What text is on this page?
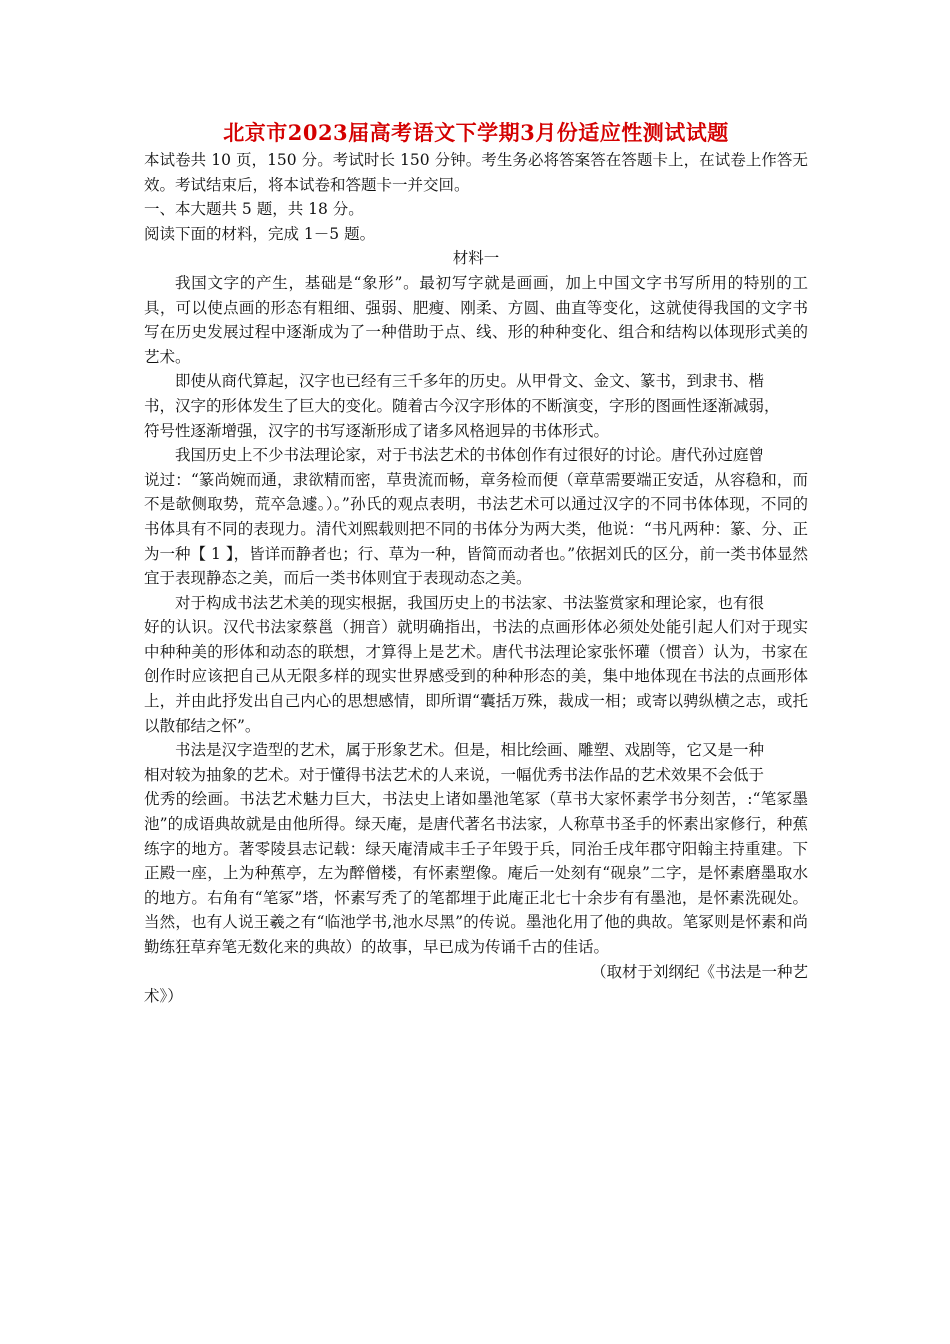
北京市2023届高考语文下学期3月份适应性测试试题

本试卷共 10 页，150 分。考试时长 150 分钟。考生务必将答案答在答题卡上，在试卷上作答无效。考试结束后，将本试卷和答题卡一并交回。

一、本大题共 5 题，共 18 分。

阅读下面的材料，完成 1－5 题。

材料一

我国文字的产生，基础是“象形”。最初写字就是画画，加上中国文字书写所用的特别的工具，可以使点画的形态有粗细、强弱、肥瘦、刚柔、方圆、曲直等变化，这就使得我国的文字书写在历史发展过程中逐渐成为了一种借助于点、线、形的种种变化、组合和结构以体现形式美的艺术。

即使从商代算起，汉字也已经有三千多年的历史。从甲骨文、金文、篆书，到隶书、楷

书，汉字的形体发生了巨大的变化。随着古今汉字形体的不断演变，字形的图画性逐渐减弱，

符号性逐渐增强，汉字的书写逐渐形成了诸多风格迥异的书体形式。

我国历史上不少书法理论家，对于书法艺术的书体创作有过很好的讨论。唐代孙过庭曾

说过：“篆尚婉而通，隶欲精而密，草贵流而畅，章务检而便（章草需要端正安适，从容稳和，而不是欹侧取势，荒卒急遽。）。”孙氏的观点表明，书法艺术可以通过汉字的不同书体体现，不同的书体具有不同的表现力。清代刘熙载则把不同的书体分为两大类，他说：“书凡两种：篆、分、正为一种【 1 】，皆详而静者也；行、草为一种，皆简而动者也。”依据刘氏的区分，前一类书体显然宜于表现静态之美，而后一类书体则宜于表现动态之美。

对于构成书法艺术美的现实根据，我国历史上的书法家、书法鉴赏家和理论家，也有很

好的认识。汉代书法家蔡邕（拥音）就明确指出，书法的点画形体必须处处能引起人们对于现实中种种美的形体和动态的联想，才算得上是艺术。唐代书法理论家张怀瓘（惯音）认为，书家在创作时应该把自己从无限多样的现实世界感受到的种种形态的美，集中地体现在书法的点画形体上，并由此抒发出自己内心的思想感情，即所谓“囊括万殊，裁成一相；或寄以骋纵横之志，或托以散郁结之怀”。

书法是汉字造型的艺术，属于形象艺术。但是，相比绘画、雕塑、戏剧等，它又是一种

相对较为抽象的艺术。对于懂得书法艺术的人来说，一幅优秀书法作品的艺术效果不会低于

优秀的绘画。书法艺术魅力巨大，书法史上诸如墨池笔冢（草书大家怀素学书分刻苦，:“笔冢墨池”的成语典故就是由他所得。绿天庵，是唐代著名书法家，人称草书圣手的怀素出家修行，种蕉练字的地方。著零陵县志记载：绿天庵清咸丰壬子年毁于兵，同治壬戌年郡守阳翰主持重建。下正殿一座，上为种蕉亭，左为醉僧楼，有怀素塑像。庵后一处刻有“砚泉”二字，是怀素磨墨取水的地方。右角有“笔冢”塔，怀素写秃了的笔都埋于此庵正北七十余步有有墨池，是怀素洗砚处。当然，也有人说王羲之有“临池学书,池水尽黑”的传说。墨池化用了他的典故。笔冢则是怀素和尚勤练狂草弃笔无数化来的典故）的故事，早已成为传诵千古的佳话。

（取材于刘纲纪《书法是一种艺

术》）
